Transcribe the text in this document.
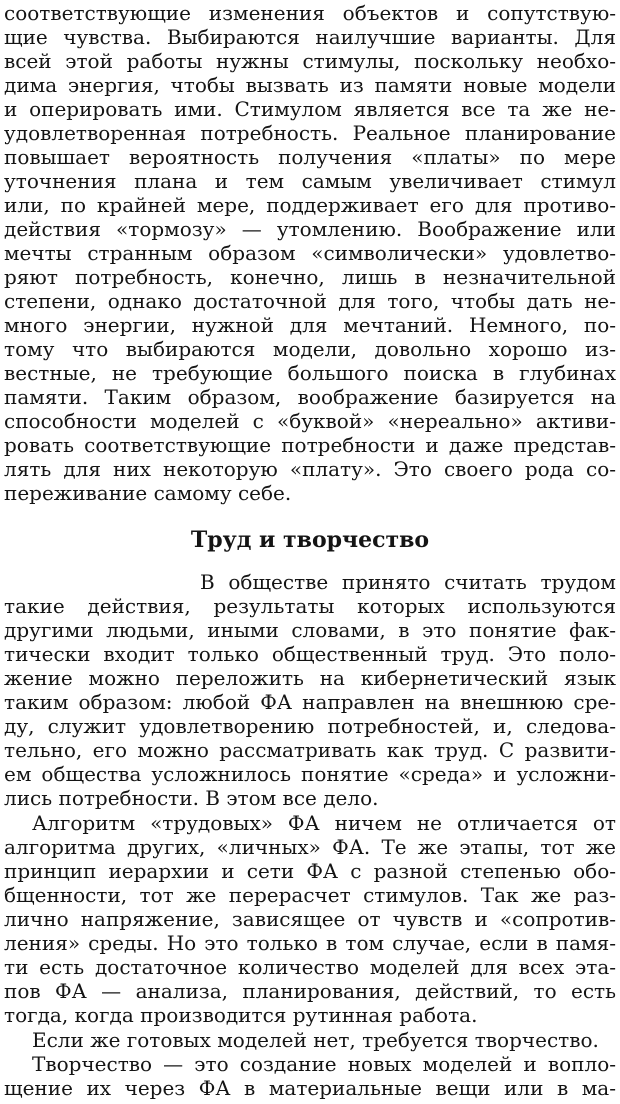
соответствующие изменения объектов и сопутствую-
щие чувства. Выбираются наилучшие варианты. Для
всей этой работы нужны стимулы, поскольку необхо-
дима энергия, чтобы вызвать из памяти новые модели
и оперировать ими. Стимулом является все та же не-
удовлетворенная потребность. Реальное планирование
повышает вероятность получения «платы» по мере
уточнения плана и тем самым увеличивает стимул
или, по крайней мере, поддерживает его для противо-
действия «тормозу» — утомлению. Воображение или
мечты странным образом «символически» удовлетво-
ряют потребность, конечно, лишь в незначительной
степени, однако достаточной для того, чтобы дать не-
много энергии, нужной для мечтаний. Немного, по-
тому что выбираются модели, довольно хорошо из-
вестные, не требующие большого поиска в глубинах
памяти. Таким образом, воображение базируется на
способности моделей с «буквой» «нереально» активи-
ровать соответствующие потребности и даже представ-
лять для них некоторую «плату». Это своего рода со-
переживание самому себе.
Труд и творчество
В обществе принято считать трудом
такие действия, результаты которых используются
другими людьми, иными словами, в это понятие фак-
тически входит только общественный труд. Это поло-
жение можно переложить на кибернетический язык
таким образом: любой ФА направлен на внешнюю сре-
ду, служит удовлетворению потребностей, и, следова-
тельно, его можно рассматривать как труд. С развити-
ем общества усложнилось понятие «среда» и усложни-
лись потребности. В этом все дело.
Алгоритм «трудовых» ФА ничем не отличается от
алгоритма других, «личных» ФА. Те же этапы, тот же
принцип иерархии и сети ФА с разной степенью обо-
бщенности, тот же перерасчет стимулов. Так же раз-
лично напряжение, зависящее от чувств и «сопротив-
ления» среды. Но это только в том случае, если в памя-
ти есть достаточное количество моделей для всех эта-
пов ФА — анализа, планирования, действий, то есть
тогда, когда производится рутинная работа.
Если же готовых моделей нет, требуется творчество.
Творчество — это создание новых моделей и вопло-
щение их через ФА в материальные вещи или в ма-
